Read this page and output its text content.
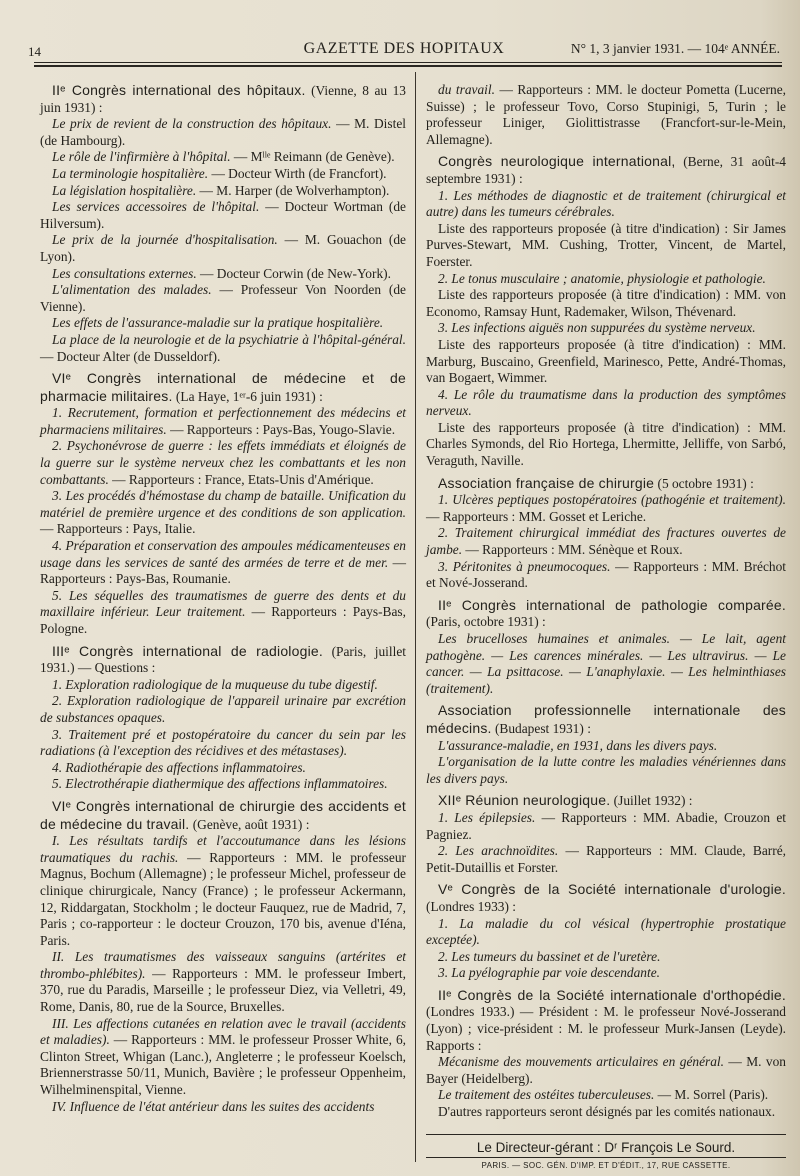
14	GAZETTE DES HOPITAUX	N° 1, 3 janvier 1931. — 104ᵉ ANNÉE.

IIᵉ Congrès international des hôpitaux. (Vienne, 8 au 13 juin 1931) :

Le prix de revient de la construction des hôpitaux. — M. Distel (de Hambourg).

Le rôle de l'infirmière à l'hôpital. — Mˡˡᵉ Reimann (de Genève).

La terminologie hospitalière. — Docteur Wirth (de Francfort).

La législation hospitalière. — M. Harper (de Wolverhampton).

Les services accessoires de l'hôpital. — Docteur Wortman (de Hilversum).

Le prix de la journée d'hospitalisation. — M. Gouachon (de Lyon).

Les consultations externes. — Docteur Corwin (de New-York).

L'alimentation des malades. — Professeur Von Noorden (de Vienne).

Les effets de l'assurance-maladie sur la pratique hospitalière.

La place de la neurologie et de la psychiatrie à l'hôpital-général. — Docteur Alter (de Dusseldorf).

VIᵉ Congrès international de médecine et de pharmacie militaires. (La Haye, 1ᵉʳ-6 juin 1931) :

1. Recrutement, formation et perfectionnement des médecins et pharmaciens militaires. — Rapporteurs : Pays-Bas, Yougo-Slavie.

2. Psychonévrose de guerre : les effets immédiats et éloignés de la guerre sur le système nerveux chez les combattants et les non combattants. — Rapporteurs : France, Etats-Unis d'Amérique.

3. Les procédés d'hémostase du champ de bataille. Unification du matériel de première urgence et des conditions de son application. — Rapporteurs : Pays, Italie.

4. Préparation et conservation des ampoules médicamenteuses en usage dans les services de santé des armées de terre et de mer. — Rapporteurs : Pays-Bas, Roumanie.

5. Les séquelles des traumatismes de guerre des dents et du maxillaire inférieur. Leur traitement. — Rapporteurs : Pays-Bas, Pologne.

IIIᵉ Congrès international de radiologie. (Paris, juillet 1931.) — Questions :

1. Exploration radiologique de la muqueuse du tube digestif.

2. Exploration radiologique de l'appareil urinaire par excrétion de substances opaques.

3. Traitement pré et postopératoire du cancer du sein par les radiations (à l'exception des récidives et des métastases).

4. Radiothérapie des affections inflammatoires.

5. Electrothérapie diathermique des affections inflammatoires.

VIᵉ Congrès international de chirurgie des accidents et de médecine du travail. (Genève, août 1931) :

I. Les résultats tardifs et l'accoutumance dans les lésions traumatiques du rachis. — Rapporteurs : MM. le professeur Magnus, Bochum (Allemagne) ; le professeur Michel, professeur de clinique chirurgicale, Nancy (France) ; le professeur Ackermann, 12, Riddargatan, Stockholm ; le docteur Fauquez, rue de Madrid, 7, Paris ; co-rapporteur : le docteur Crouzon, 170 bis, avenue d'Iéna, Paris.

II. Les traumatismes des vaisseaux sanguins (artérites et thrombo-phlébites). — Rapporteurs : MM. le professeur Imbert, 370, rue du Paradis, Marseille ; le professeur Diez, via Velletri, 49, Rome, Danis, 80, rue de la Source, Bruxelles.

III. Les affections cutanées en relation avec le travail (accidents et maladies). — Rapporteurs : MM. le professeur Prosser White, 6, Clinton Street, Whigan (Lanc.), Angleterre ; le professeur Koelsch, Briennerstrasse 50/11, Munich, Bavière ; le professeur Oppenheim, Wilhelminenspital, Vienne.

IV. Influence de l'état antérieur dans les suites des accidents

du travail. — Rapporteurs : MM. le docteur Pometta (Lucerne, Suisse) ; le professeur Tovo, Corso Stupinigi, 5, Turin ; le professeur Liniger, Giolittistrasse (Francfort-sur-le-Mein, Allemagne).

Congrès neurologique international, (Berne, 31 août-4 septembre 1931) :

1. Les méthodes de diagnostic et de traitement (chirurgical et autre) dans les tumeurs cérébrales.

Liste des rapporteurs proposée (à titre d'indication) : Sir James Purves-Stewart, MM. Cushing, Trotter, Vincent, de Martel, Foerster.

2. Le tonus musculaire ; anatomie, physiologie et pathologie.

Liste des rapporteurs proposée (à titre d'indication) : MM. von Economo, Ramsay Hunt, Rademaker, Wilson, Thévenard.

3. Les infections aiguës non suppurées du système nerveux.

Liste des rapporteurs proposée (à titre d'indication) : MM. Marburg, Buscaino, Greenfield, Marinesco, Pette, André-Thomas, van Bogaert, Wimmer.

4. Le rôle du traumatisme dans la production des symptômes nerveux.

Liste des rapporteurs proposée (à titre d'indication) : MM. Charles Symonds, del Rio Hortega, Lhermitte, Jelliffe, von Sarbó, Veraguth, Naville.

Association française de chirurgie (5 octobre 1931) :

1. Ulcères peptiques postopératoires (pathogénie et traitement). — Rapporteurs : MM. Gosset et Leriche.

2. Traitement chirurgical immédiat des fractures ouvertes de jambe. — Rapporteurs : MM. Sénèque et Roux.

3. Péritonites à pneumocoques. — Rapporteurs : MM. Bréchot et Nové-Josserand.

IIᵉ Congrès international de pathologie comparée. (Paris, octobre 1931) :

Les brucelloses humaines et animales. — Le lait, agent pathogène. — Les carences minérales. — Les ultravirus. — Le cancer. — La psittacose. — L'anaphylaxie. — Les helminthiases (traitement).

Association professionnelle internationale des médecins. (Budapest 1931) :

L'assurance-maladie, en 1931, dans les divers pays.

L'organisation de la lutte contre les maladies vénériennes dans les divers pays.

XIIᵉ Réunion neurologique. (Juillet 1932) :

1. Les épilepsies. — Rapporteurs : MM. Abadie, Crouzon et Pagniez.

2. Les arachnoïdites. — Rapporteurs : MM. Claude, Barré, Petit-Dutaillis et Forster.

Vᵉ Congrès de la Société internationale d'urologie. (Londres 1933) :

1. La maladie du col vésical (hypertrophie prostatique exceptée).

2. Les tumeurs du bassinet et de l'uretère.

3. La pyélographie par voie descendante.

IIᵉ Congrès de la Société internationale d'orthopédie. (Londres 1933.) — Président : M. le professeur Nové-Josserand (Lyon) ; vice-président : M. le professeur Murk-Jansen (Leyde). Rapports :

Mécanisme des mouvements articulaires en général. — M. von Bayer (Heidelberg).

Le traitement des ostéites tuberculeuses. — M. Sorrel (Paris).

D'autres rapporteurs seront désignés par les comités nationaux.

Le Directeur-gérant : Dʳ François Le Sourd.
PARIS. — SOC. GÉN. D'IMP. ET D'ÉDIT., 17, RUE CASSETTE.
